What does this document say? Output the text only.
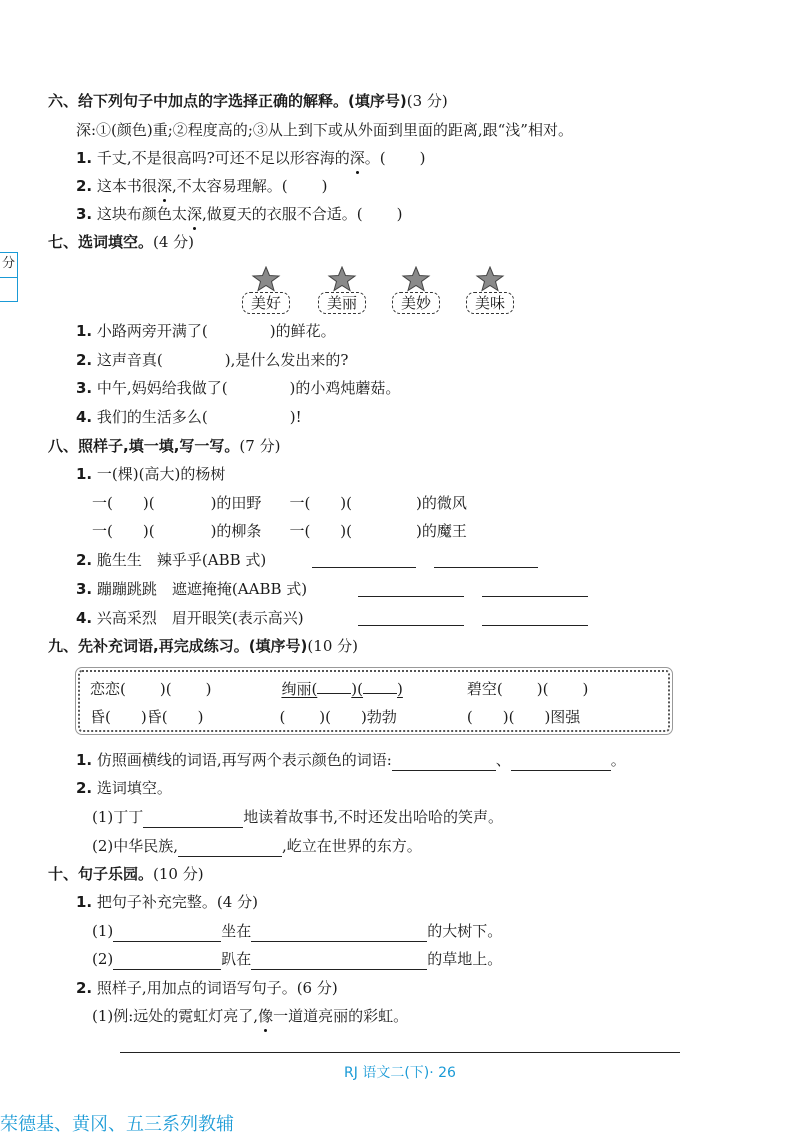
六、给下列句子中加点的字选择正确的解释。(填序号)(3 分)
深:①(颜色)重;②程度高的;③从上到下或从外面到里面的距离,跟“浅”相对。
1. 千丈,不是很高吗?可还不足以形容海的深。( )
2. 这本书很深,不太容易理解。( )
3. 这块布颜色太深,做夏天的衣服不合适。( )
分
七、选词填空。(4 分)
美好	美丽	美妙	美味
1. 小路两旁开满了(	)的鲜花。
2. 这声音真(	),是什么发出来的?
3. 中午,妈妈给我做了(	)的小鸡炖蘑菇。
4. 我们的生活多么(	)!
八、照样子,填一填,写一写。(7 分)
1. 一(棵)(高大)的杨树
一( )(	)的田野 一( )(	)的微风
一( )(	)的柳条 一( )(	)的魔王
2. 脆生生　辣乎乎(ABB 式)
3. 蹦蹦跳跳　遮遮掩掩(AABB 式)
4. 兴高采烈　眉开眼笑(表示高兴)
九、先补充词语,再完成练习。(填序号)(10 分)
恋恋( )( )	绚丽( )( )	碧空( )( )
昏( )昏( )	( )( )勃勃	( )( )图强
1. 仿照画横线的词语,再写两个表示颜色的词语:	、	。
2. 选词填空。
(1)丁丁	地读着故事书,不时还发出哈哈的笑声。
(2)中华民族,	,屹立在世界的东方。
十、句子乐园。(10 分)
1. 把句子补充完整。(4 分)
(1)	坐在	的大树下。
(2)	趴在	的草地上。
2. 照样子,用加点的词语写句子。(6 分)
(1)例:远处的霓虹灯亮了,像一道道亮丽的彩虹。
RJ 语文二(下)· 26
荣德基、黄冈、五三系列教辅
